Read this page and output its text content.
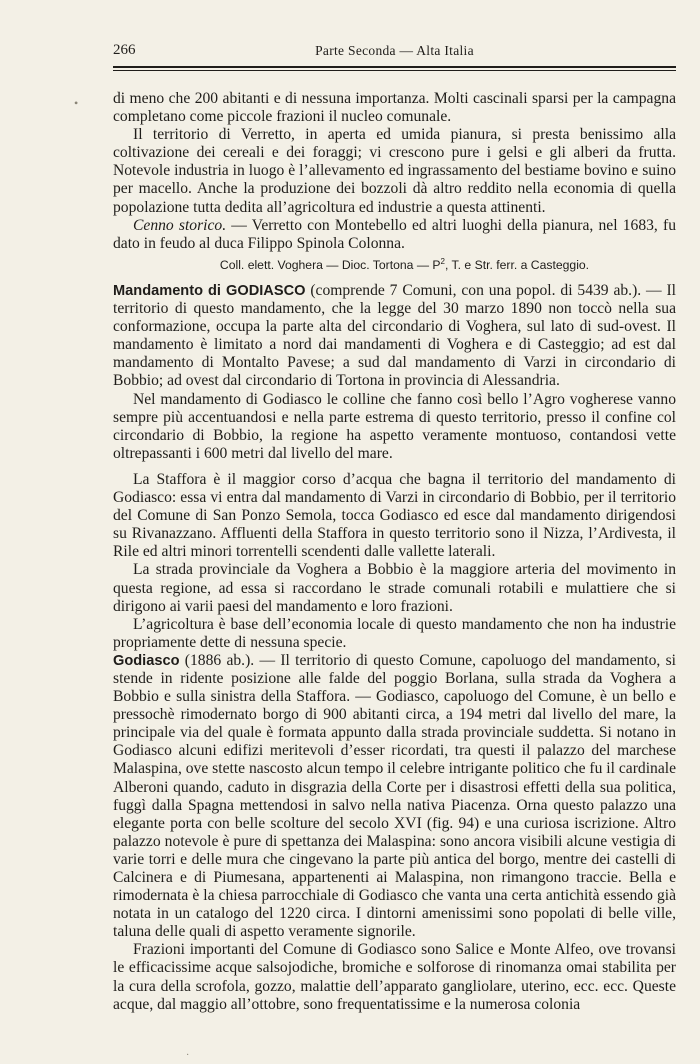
266	Parte Seconda — Alta Italia
• di meno che 200 abitanti e di nessuna importanza. Molti cascinali sparsi per la campagna completano come piccole frazioni il nucleo comunale.

Il territorio di Verretto, in aperta ed umida pianura, si presta benissimo alla coltivazione dei cereali e dei foraggi; vi crescono pure i gelsi e gli alberi da frutta. Notevole industria in luogo è l’allevamento ed ingrassamento del bestiame bovino e suino per macello. Anche la produzione dei bozzoli dà altro reddito nella economia di quella popolazione tutta dedita all’agricoltura ed industrie a questa attinenti.

Cenno storico. — Verretto con Montebello ed altri luoghi della pianura, nel 1683, fu dato in feudo al duca Filippo Spinola Colonna.

Coll. elett. Voghera — Dioc. Tortona — $P^2$, T. e Str. ferr. a Casteggio.

Mandamento di GODIASCO (comprende 7 Comuni, con una popol. di 5439 ab.). — Il territorio di questo mandamento, che la legge del 30 marzo 1890 non toccò nella sua conformazione, occupa la parte alta del circondario di Voghera, sul lato di sud-ovest. Il mandamento è limitato a nord dai mandamenti di Voghera e di Casteggio; ad est dal mandamento di Montalto Pavese; a sud dal mandamento di Varzi in circondario di Bobbio; ad ovest dal circondario di Tortona in provincia di Alessandria.

Nel mandamento di Godiasco le colline che fanno così bello l’Agro vogherese vanno sempre più accentuandosi e nella parte estrema di questo territorio, presso il confine col circondario di Bobbio, la regione ha aspetto veramente montuoso, contandosi vette oltrepassanti i 600 metri dal livello del mare.

La Staffora è il maggior corso d’acqua che bagna il territorio del mandamento di Godiasco: essa vi entra dal mandamento di Varzi in circondario di Bobbio, per il territorio del Comune di San Ponzo Semola, tocca Godiasco ed esce dal mandamento dirigendosi su Rivanazzano. Affluenti della Staffora in questo territorio sono il Nizza, l’Ardivesta, il Rile ed altri minori torrentelli scendenti dalle vallette laterali.

La strada provinciale da Voghera a Bobbio è la maggiore arteria del movimento in questa regione, ad essa si raccordano le strade comunali rotabili e mulattiere che si dirigono ai varii paesi del mandamento e loro frazioni.

L’agricoltura è base dell’economia locale di questo mandamento che non ha industrie propriamente dette di nessuna specie.

Godiasco (1886 ab.). — Il territorio di questo Comune, capoluogo del mandamento, si stende in ridente posizione alle falde del poggio Borlana, sulla strada da Voghera a Bobbio e sulla sinistra della Staffora. — Godiasco, capoluogo del Comune, è un bello e pressochè rimodernato borgo di 900 abitanti circa, a 194 metri dal livello del mare, la principale via del quale è formata appunto dalla strada provinciale suddetta. Si notano in Godiasco alcuni edifizi meritevoli d’esser ricordati, tra questi il palazzo del marchese Malaspina, ove stette nascosto alcun tempo il celebre intrigante politico che fu il cardinale Alberoni quando, caduto in disgrazia della Corte per i disastrosi effetti della sua politica, fuggì dalla Spagna mettendosi in salvo nella nativa Piacenza. Orna questo palazzo una elegante porta con belle scolture del secolo XVI (fig. 94) e una curiosa iscrizione. Altro palazzo notevole è pure di spettanza dei Malaspina: sono ancora visibili alcune vestigia di varie torri e delle mura che cingevano la parte più antica del borgo, mentre dei castelli di Calcinera e di Piumesana, appartenenti ai Malaspina, non rimangono traccie. Bella e rimodernata è la chiesa parrocchiale di Godiasco che vanta una certa antichità essendo già notata in un catalogo del 1220 circa. I dintorni amenissimi sono popolati di belle ville, taluna delle quali di aspetto veramente signorile.

Frazioni importanti del Comune di Godiasco sono Salice e Monte Alfeo, ove trovansi le efficacissime acque salsojodiche, bromiche e solforose di rinomanza omai stabilita per la cura della scrofola, gozzo, malattie dell’apparato gangliolare, uterino, ecc. ecc. Queste acque, dal maggio all’ottobre, sono frequentatissime e la numerosa colonia

·
